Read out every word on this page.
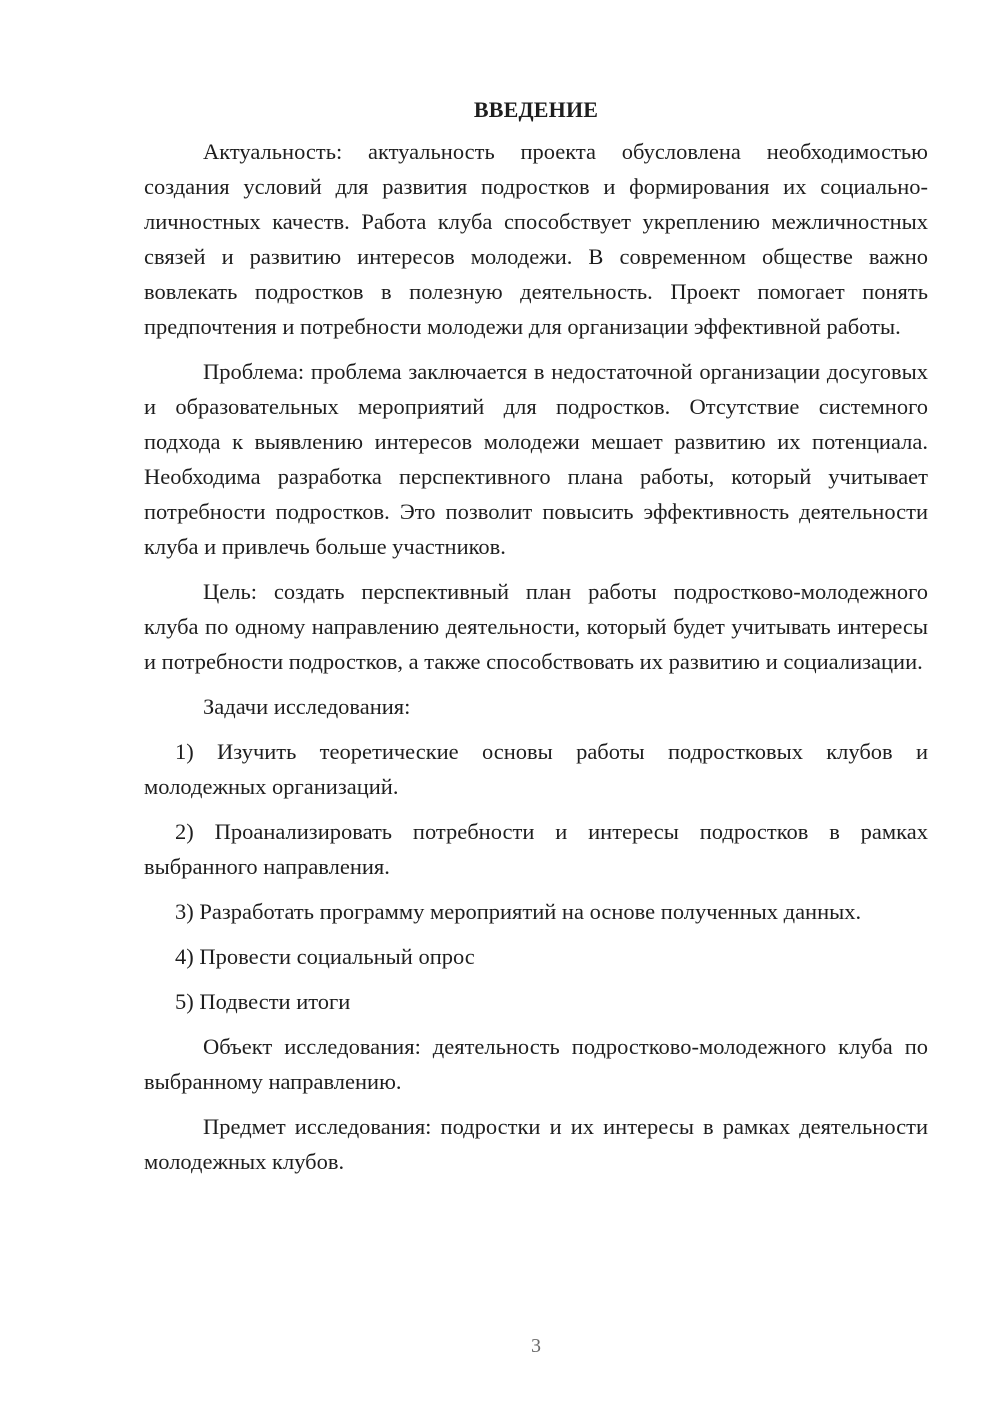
ВВЕДЕНИЕ

Актуальность: актуальность проекта обусловлена необходимостью создания условий для развития подростков и формирования их социально-личностных качеств. Работа клуба способствует укреплению межличностных связей и развитию интересов молодежи. В современном обществе важно вовлекать подростков в полезную деятельность. Проект помогает понять предпочтения и потребности молодежи для организации эффективной работы.

Проблема: проблема заключается в недостаточной организации досуговых и образовательных мероприятий для подростков. Отсутствие системного подхода к выявлению интересов молодежи мешает развитию их потенциала. Необходима разработка перспективного плана работы, который учитывает потребности подростков. Это позволит повысить эффективность деятельности клуба и привлечь больше участников.

Цель: создать перспективный план работы подростково-молодежного клуба по одному направлению деятельности, который будет учитывать интересы и потребности подростков, а также способствовать их развитию и социализации.

Задачи исследования:

1) Изучить теоретические основы работы подростковых клубов и молодежных организаций.

2) Проанализировать потребности и интересы подростков в рамках выбранного направления.

3) Разработать программу мероприятий на основе полученных данных.

4) Провести социальный опрос

5) Подвести итоги

Объект исследования: деятельность подростково-молодежного клуба по выбранному направлению.

Предмет исследования: подростки и их интересы в рамках деятельности молодежных клубов.

3
